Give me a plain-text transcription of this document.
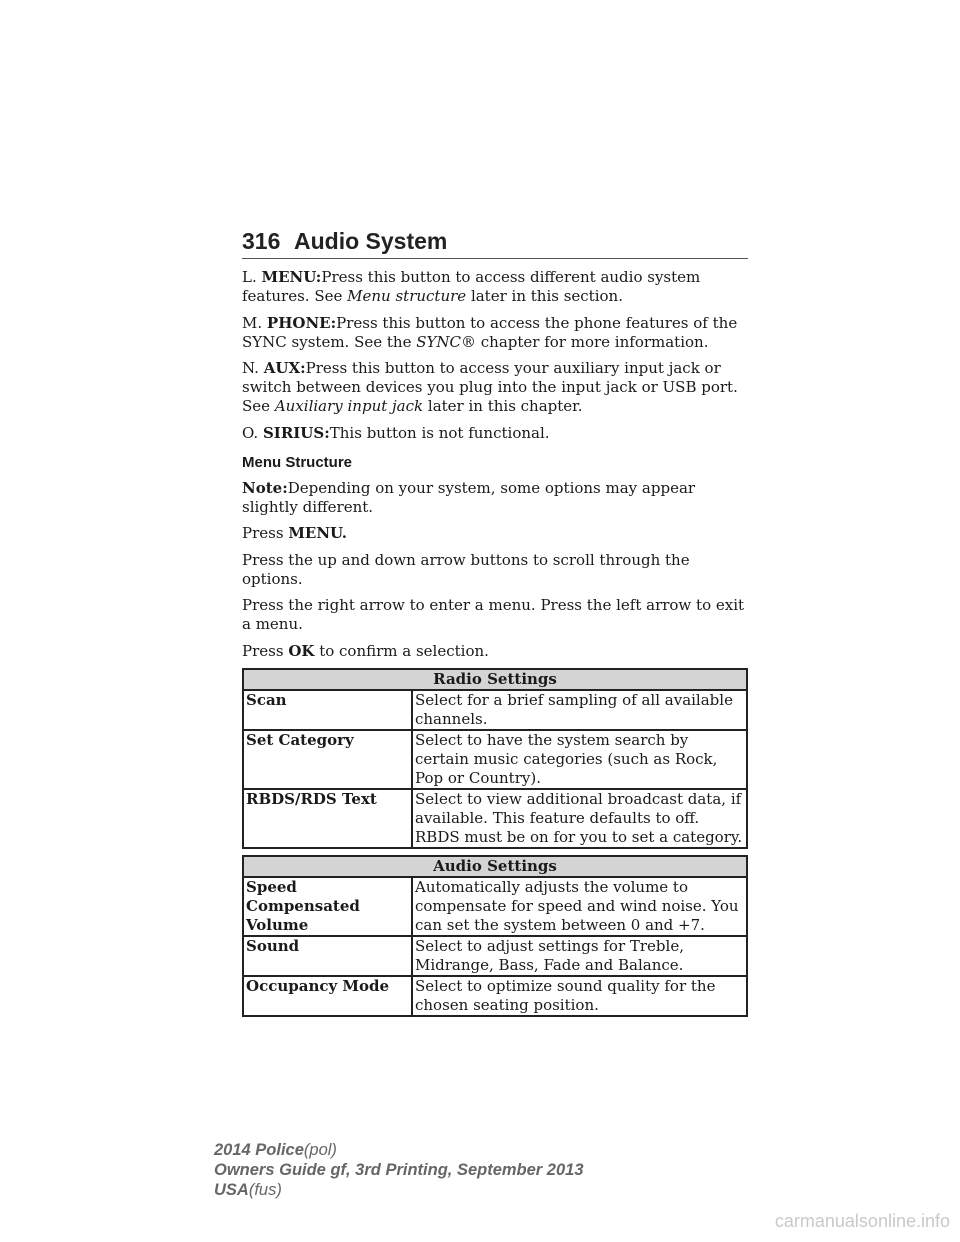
316 Audio System

L. MENU:Press this button to access different audio system features. See Menu structure later in this section.

M. PHONE:Press this button to access the phone features of the SYNC system. See the SYNC® chapter for more information.

N. AUX:Press this button to access your auxiliary input jack or switch between devices you plug into the input jack or USB port. See Auxiliary input jack later in this chapter.

O. SIRIUS:This button is not functional.

Menu Structure

Note:Depending on your system, some options may appear slightly different.

Press MENU.

Press the up and down arrow buttons to scroll through the options.

Press the right arrow to enter a menu. Press the left arrow to exit a menu.

Press OK to confirm a selection.

Radio Settings	
Scan	Select for a brief sampling of all available channels.
Set Category	Select to have the system search by certain music categories (such as Rock, Pop or Country).
RBDS/RDS Text	Select to view additional broadcast data, if available. This feature defaults to off. RBDS must be on for you to set a category.
Audio Settings	
Speed Compensated Volume	Automatically adjusts the volume to compensate for speed and wind noise. You can set the system between 0 and +7.
Sound	Select to adjust settings for Treble, Midrange, Bass, Fade and Balance.
Occupancy Mode	Select to optimize sound quality for the chosen seating position.
2014 Police(pol)
Owners Guide gf, 3rd Printing, September 2013
USA(fus)
carmanualsonline.info
